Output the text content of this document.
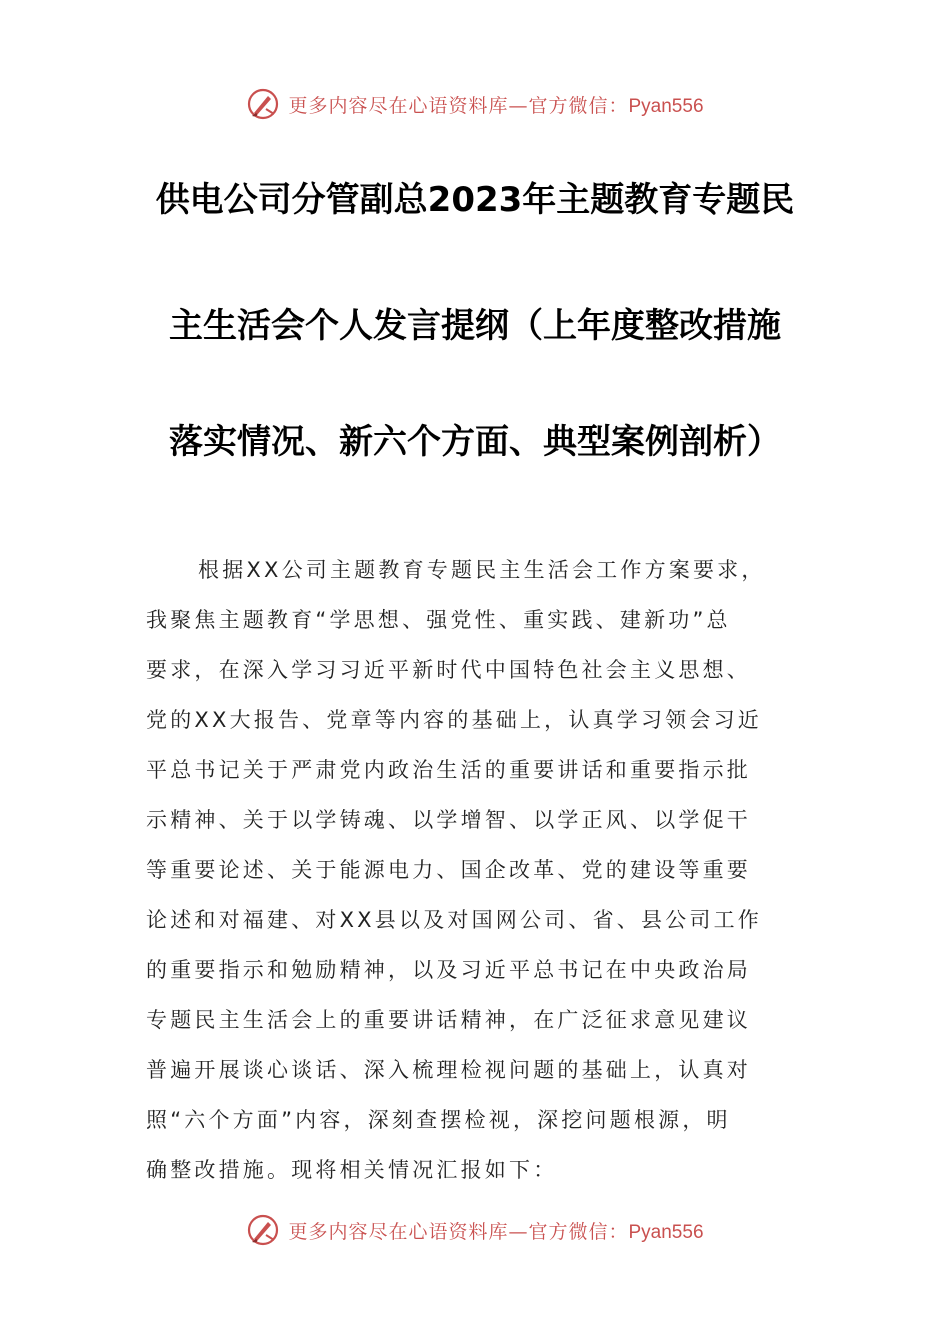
更多内容尽在心语资料库—官方微信：Pyan556
供电公司分管副总2023年主题教育专题民
主生活会个人发言提纲（上年度整改措施
落实情况、新六个方面、典型案例剖析）
根据XX公司主题教育专题民主生活会工作方案要求，
我聚焦主题教育“学思想、强党性、重实践、建新功”总
要求，在深入学习习近平新时代中国特色社会主义思想、
党的XX大报告、党章等内容的基础上，认真学习领会习近
平总书记关于严肃党内政治生活的重要讲话和重要指示批
示精神、关于以学铸魂、以学增智、以学正风、以学促干
等重要论述、关于能源电力、国企改革、党的建设等重要
论述和对福建、对XX县以及对国网公司、省、县公司工作
的重要指示和勉励精神，以及习近平总书记在中央政治局
专题民主生活会上的重要讲话精神，在广泛征求意见建议
普遍开展谈心谈话、深入梳理检视问题的基础上，认真对
照“六个方面”内容，深刻查摆检视，深挖问题根源，明
确整改措施。现将相关情况汇报如下：
更多内容尽在心语资料库—官方微信：Pyan556
